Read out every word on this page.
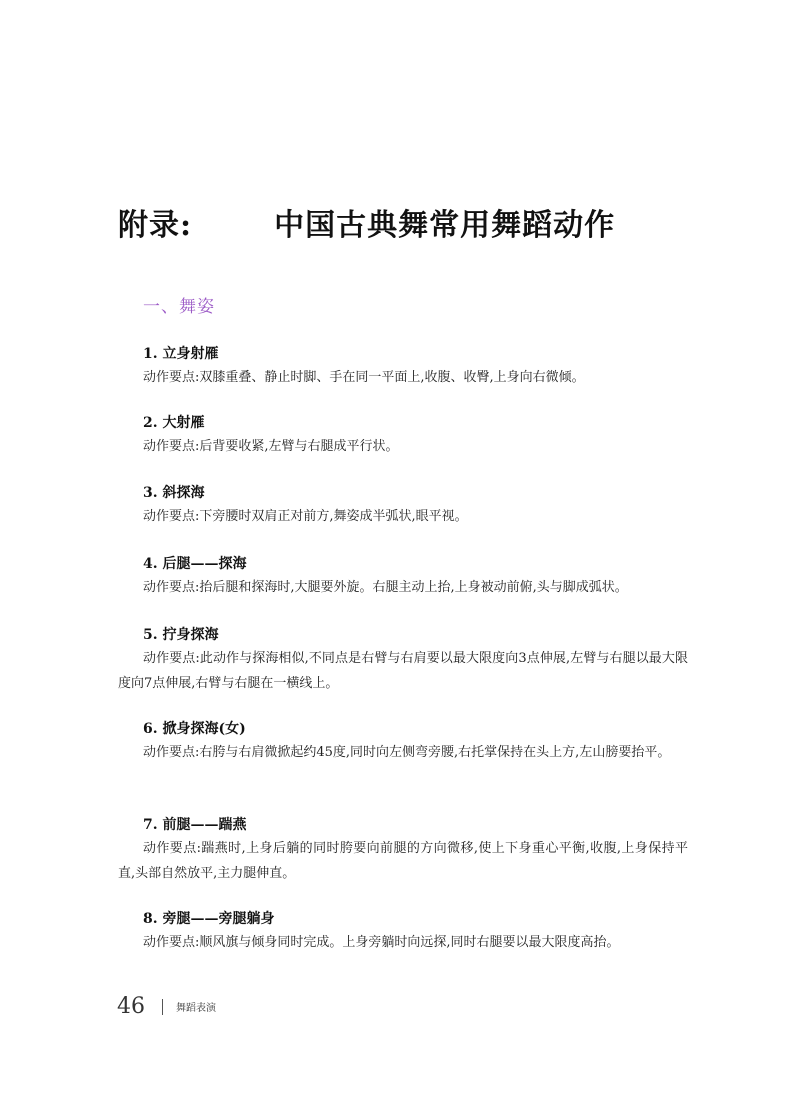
附录:	中国古典舞常用舞蹈动作
一、舞姿
1. 立身射雁

动作要点:双膝重叠、静止时脚、手在同一平面上,收腹、收臀,上身向右微倾。

2. 大射雁

动作要点:后背要收紧,左臂与右腿成平行状。

3. 斜探海

动作要点:下旁腰时双肩正对前方,舞姿成半弧状,眼平视。

4. 后腿——探海

动作要点:抬后腿和探海时,大腿要外旋。右腿主动上抬,上身被动前俯,头与脚成弧状。

5. 拧身探海

动作要点:此动作与探海相似,不同点是右臂与右肩要以最大限度向3点伸展,左臂与右腿以最大限度向7点伸展,右臂与右腿在一横线上。

6. 掀身探海(女)

动作要点:右胯与右肩微掀起约45度,同时向左侧弯旁腰,右托掌保持在头上方,左山膀要抬平。

7. 前腿——踹燕

动作要点:踹燕时,上身后躺的同时胯要向前腿的方向微移,使上下身重心平衡,收腹,上身保持平直,头部自然放平,主力腿伸直。

8. 旁腿——旁腿躺身

动作要点:顺风旗与倾身同时完成。上身旁躺时向远探,同时右腿要以最大限度高抬。

46	舞蹈表演
